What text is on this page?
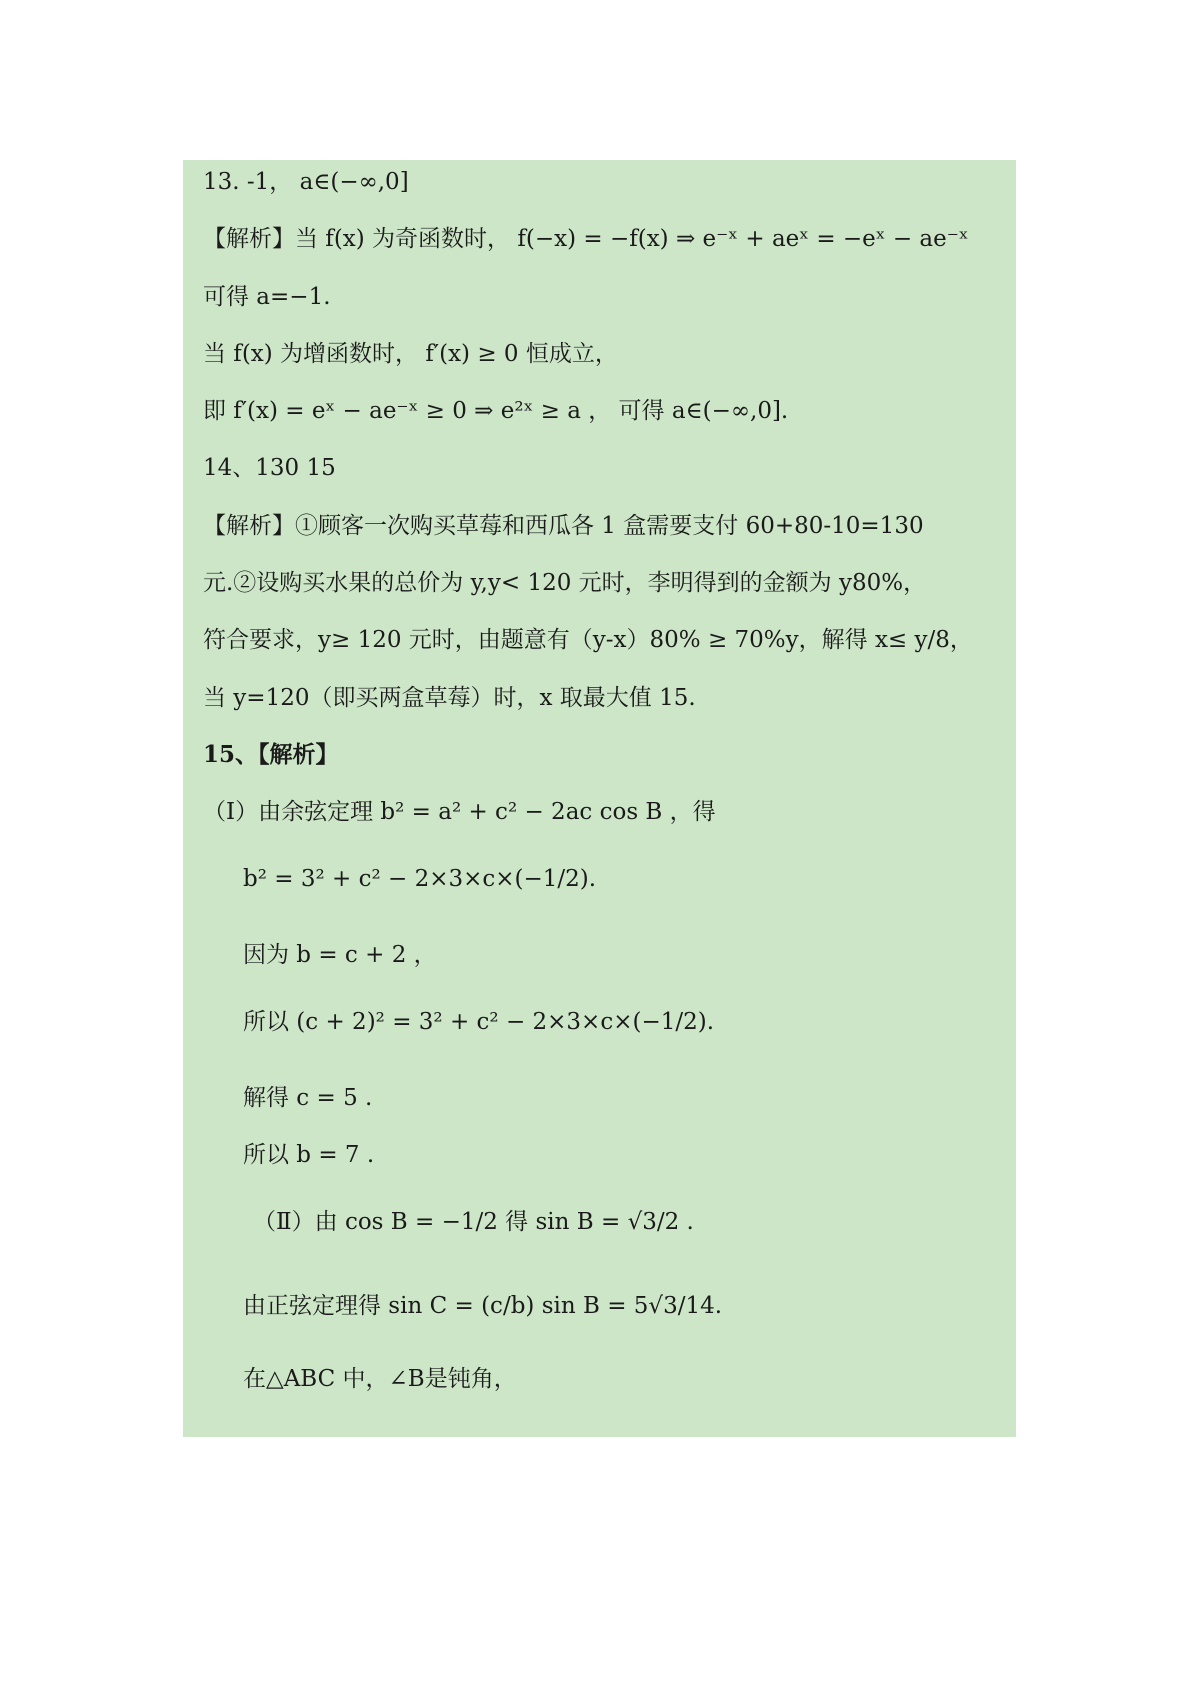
13. -1， a∈(−∞,0]
【解析】当 f(x) 为奇函数时， f(−x) = −f(x) ⇒ e⁻ˣ + aeˣ = −eˣ − ae⁻ˣ
可得 a=−1.
当 f(x) 为增函数时， f′(x) ≥ 0 恒成立，
即 f′(x) = eˣ − ae⁻ˣ ≥ 0 ⇒ e²ˣ ≥ a ， 可得 a∈(−∞,0].
14、130 15
【解析】①顾客一次购买草莓和西瓜各 1 盒需要支付 60+80-10=130
元.②设购买水果的总价为 y,y< 120 元时，李明得到的金额为 y80%，
符合要求，y≥ 120 元时，由题意有（y-x）80% ≥ 70%y，解得 x≤ y/8，
当 y=120（即买两盒草莓）时，x 取最大值 15.
15、【解析】
（Ⅰ）由余弦定理 b² = a² + c² − 2ac cos B ，得
b² = 3² + c² − 2×3×c×(−1/2).
因为 b = c + 2 ，
所以 (c + 2)² = 3² + c² − 2×3×c×(−1/2).
解得 c = 5 .
所以 b = 7 .
（Ⅱ）由 cos B = −1/2 得 sin B = √3/2 .
由正弦定理得 sin C = (c/b) sin B = 5√3/14.
在△ABC 中，∠B是钝角，
